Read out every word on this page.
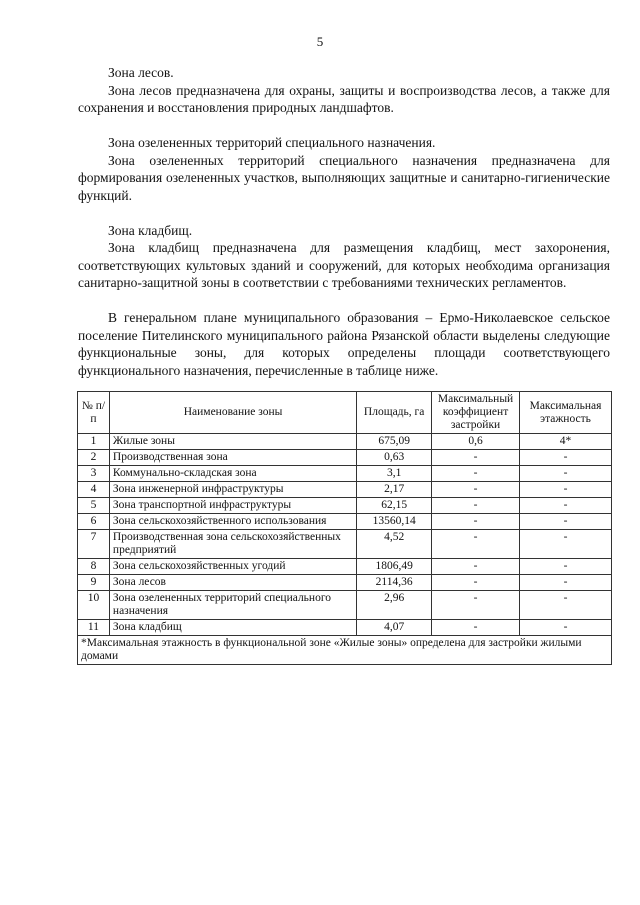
5

Зона лесов.

Зона лесов предназначена для охраны, защиты и воспроизводства лесов, а также для сохранения и восстановления природных ландшафтов.

Зона озелененных территорий специального назначения.

Зона озелененных территорий специального назначения предназначена для формирования озелененных участков, выполняющих защитные и санитарно-гигиенические функций.

Зона кладбищ.

Зона кладбищ предназначена для размещения кладбищ, мест захоронения, соответствующих культовых зданий и сооружений, для которых необходима организация санитарно-защитной зоны в соответствии с требованиями технических регламентов.

В генеральном плане муниципального образования – Ермо-Николаевское сельское поселение Пителинского муниципального района Рязанской области выделены следующие функциональные зоны, для которых определены площади соответствующего функционального назначения, перечисленные в таблице ниже.

№ п/п	Наименование зоны	Площадь, га	Максимальный коэффициент застройки	Максимальная этажность
1	Жилые зоны	675,09	0,6	4*
2	Производственная зона	0,63	-	-
3	Коммунально-складская зона	3,1	-	-
4	Зона инженерной инфраструктуры	2,17	-	-
5	Зона транспортной инфраструктуры	62,15	-	-
6	Зона сельскохозяйственного использования	13560,14	-	-
7	Производственная зона сельскохозяйственных предприятий	4,52	-	-
8	Зона сельскохозяйственных угодий	1806,49	-	-
9	Зона лесов	2114,36	-	-
10	Зона озелененных территорий специального назначения	2,96	-	-
11	Зона кладбищ	4,07	-	-
*Максимальная этажность в функциональной зоне «Жилые зоны» определена для застройки жилыми домами				
